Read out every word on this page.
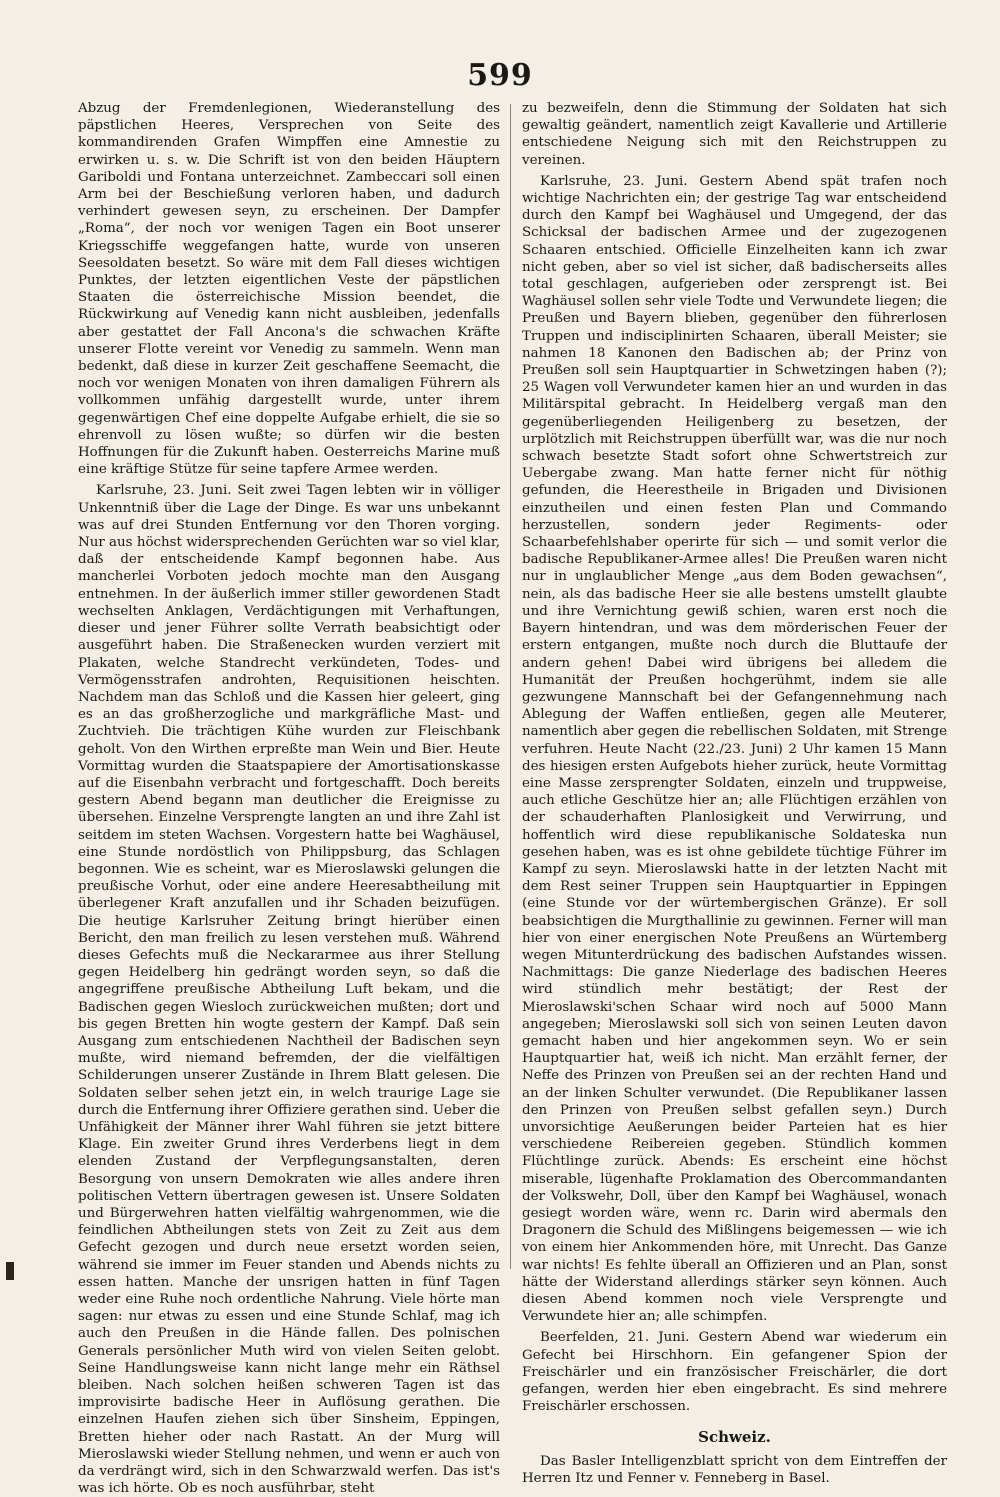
599

Abzug der Fremdenlegionen, Wiederanstellung des päpstlichen Heeres, Versprechen von Seite des kommandirenden Grafen Wimpffen eine Amnestie zu erwirken u. s. w. Die Schrift ist von den beiden Häuptern Gariboldi und Fontana unterzeichnet. Zambeccari soll einen Arm bei der Beschießung verloren haben, und dadurch verhindert gewesen seyn, zu erscheinen. Der Dampfer „Roma“, der noch vor wenigen Tagen ein Boot unserer Kriegsschiffe weggefangen hatte, wurde von unseren Seesoldaten besetzt. So wäre mit dem Fall dieses wichtigen Punktes, der letzten eigentlichen Veste der päpstlichen Staaten die österreichische Mission beendet, die Rückwirkung auf Venedig kann nicht ausbleiben, jedenfalls aber gestattet der Fall Ancona's die schwachen Kräfte unserer Flotte vereint vor Venedig zu sammeln. Wenn man bedenkt, daß diese in kurzer Zeit geschaffene Seemacht, die noch vor wenigen Monaten von ihren damaligen Führern als vollkommen unfähig dargestellt wurde, unter ihrem gegenwärtigen Chef eine doppelte Aufgabe erhielt, die sie so ehrenvoll zu lösen wußte; so dürfen wir die besten Hoffnungen für die Zukunft haben. Oesterreichs Marine muß eine kräftige Stütze für seine tapfere Armee werden.

Karlsruhe, 23. Juni. Seit zwei Tagen lebten wir in völliger Unkenntniß über die Lage der Dinge. Es war uns unbekannt was auf drei Stunden Entfernung vor den Thoren vorging. Nur aus höchst widersprechenden Gerüchten war so viel klar, daß der entscheidende Kampf begonnen habe. Aus mancherlei Vorboten jedoch mochte man den Ausgang entnehmen. In der äußerlich immer stiller gewordenen Stadt wechselten Anklagen, Verdächtigungen mit Verhaftungen, dieser und jener Führer sollte Verrath beabsichtigt oder ausgeführt haben. Die Straßenecken wurden verziert mit Plakaten, welche Standrecht verkündeten, Todes- und Vermögensstrafen androhten, Requisitionen heischten. Nachdem man das Schloß und die Kassen hier geleert, ging es an das großherzogliche und markgräfliche Mast- und Zuchtvieh. Die trächtigen Kühe wurden zur Fleischbank geholt. Von den Wirthen erpreßte man Wein und Bier. Heute Vormittag wurden die Staatspapiere der Amortisationskasse auf die Eisenbahn verbracht und fortgeschafft. Doch bereits gestern Abend begann man deutlicher die Ereignisse zu übersehen. Einzelne Versprengte langten an und ihre Zahl ist seitdem im steten Wachsen. Vorgestern hatte bei Waghäusel, eine Stunde nordöstlich von Philippsburg, das Schlagen begonnen. Wie es scheint, war es Mieroslawski gelungen die preußische Vorhut, oder eine andere Heeresabtheilung mit überlegener Kraft anzufallen und ihr Schaden beizufügen. Die heutige Karlsruher Zeitung bringt hierüber einen Bericht, den man freilich zu lesen verstehen muß. Während dieses Gefechts muß die Neckararmee aus ihrer Stellung gegen Heidelberg hin gedrängt worden seyn, so daß die angegriffene preußische Abtheilung Luft bekam, und die Badischen gegen Wiesloch zurückweichen mußten; dort und bis gegen Bretten hin wogte gestern der Kampf. Daß sein Ausgang zum entschiedenen Nachtheil der Badischen seyn mußte, wird niemand befremden, der die vielfältigen Schilderungen unserer Zustände in Ihrem Blatt gelesen. Die Soldaten selber sehen jetzt ein, in welch traurige Lage sie durch die Entfernung ihrer Offiziere gerathen sind. Ueber die Unfähigkeit der Männer ihrer Wahl führen sie jetzt bittere Klage. Ein zweiter Grund ihres Verderbens liegt in dem elenden Zustand der Verpflegungsanstalten, deren Besorgung von unsern Demokraten wie alles andere ihren politischen Vettern übertragen gewesen ist. Unsere Soldaten und Bürgerwehren hatten vielfältig wahrgenommen, wie die feindlichen Abtheilungen stets von Zeit zu Zeit aus dem Gefecht gezogen und durch neue ersetzt worden seien, während sie immer im Feuer standen und Abends nichts zu essen hatten. Manche der unsrigen hatten in fünf Tagen weder eine Ruhe noch ordentliche Nahrung. Viele hörte man sagen: nur etwas zu essen und eine Stunde Schlaf, mag ich auch den Preußen in die Hände fallen. Des polnischen Generals persönlicher Muth wird von vielen Seiten gelobt. Seine Handlungsweise kann nicht lange mehr ein Räthsel bleiben. Nach solchen heißen schweren Tagen ist das improvisirte badische Heer in Auflösung gerathen. Die einzelnen Haufen ziehen sich über Sinsheim, Eppingen, Bretten hieher oder nach Rastatt. An der Murg will Mieroslawski wieder Stellung nehmen, und wenn er auch von da verdrängt wird, sich in den Schwarzwald werfen. Das ist's was ich hörte. Ob es noch ausführbar, steht

zu bezweifeln, denn die Stimmung der Soldaten hat sich gewaltig geändert, namentlich zeigt Kavallerie und Artillerie entschiedene Neigung sich mit den Reichstruppen zu vereinen.

Karlsruhe, 23. Juni. Gestern Abend spät trafen noch wichtige Nachrichten ein; der gestrige Tag war entscheidend durch den Kampf bei Waghäusel und Umgegend, der das Schicksal der badischen Armee und der zugezogenen Schaaren entschied. Officielle Einzelheiten kann ich zwar nicht geben, aber so viel ist sicher, daß badischerseits alles total geschlagen, aufgerieben oder zersprengt ist. Bei Waghäusel sollen sehr viele Todte und Verwundete liegen; die Preußen und Bayern blieben, gegenüber den führerlosen Truppen und indisciplinirten Schaaren, überall Meister; sie nahmen 18 Kanonen den Badischen ab; der Prinz von Preußen soll sein Hauptquartier in Schwetzingen haben (?); 25 Wagen voll Verwundeter kamen hier an und wurden in das Militärspital gebracht. In Heidelberg vergaß man den gegenüberliegenden Heiligenberg zu besetzen, der urplötzlich mit Reichstruppen überfüllt war, was die nur noch schwach besetzte Stadt sofort ohne Schwertstreich zur Uebergabe zwang. Man hatte ferner nicht für nöthig gefunden, die Heerestheile in Brigaden und Divisionen einzutheilen und einen festen Plan und Commando herzustellen, sondern jeder Regiments- oder Schaarbefehlshaber operirte für sich — und somit verlor die badische Republikaner-Armee alles! Die Preußen waren nicht nur in unglaublicher Menge „aus dem Boden gewachsen“, nein, als das badische Heer sie alle bestens umstellt glaubte und ihre Vernichtung gewiß schien, waren erst noch die Bayern hintendran, und was dem mörderischen Feuer der erstern entgangen, mußte noch durch die Bluttaufe der andern gehen! Dabei wird übrigens bei alledem die Humanität der Preußen hochgerühmt, indem sie alle gezwungene Mannschaft bei der Gefangennehmung nach Ablegung der Waffen entließen, gegen alle Meuterer, namentlich aber gegen die rebellischen Soldaten, mit Strenge verfuhren. Heute Nacht (22./23. Juni) 2 Uhr kamen 15 Mann des hiesigen ersten Aufgebots hieher zurück, heute Vormittag eine Masse zersprengter Soldaten, einzeln und truppweise, auch etliche Geschütze hier an; alle Flüchtigen erzählen von der schauderhaften Planlosigkeit und Verwirrung, und hoffentlich wird diese republikanische Soldateska nun gesehen haben, was es ist ohne gebildete tüchtige Führer im Kampf zu seyn. Mieroslawski hatte in der letzten Nacht mit dem Rest seiner Truppen sein Hauptquartier in Eppingen (eine Stunde vor der würtembergischen Gränze). Er soll beabsichtigen die Murgthallinie zu gewinnen. Ferner will man hier von einer energischen Note Preußens an Würtemberg wegen Mitunterdrückung des badischen Aufstandes wissen. Nachmittags: Die ganze Niederlage des badischen Heeres wird stündlich mehr bestätigt; der Rest der Mieroslawski'schen Schaar wird noch auf 5000 Mann angegeben; Mieroslawski soll sich von seinen Leuten davon gemacht haben und hier angekommen seyn. Wo er sein Hauptquartier hat, weiß ich nicht. Man erzählt ferner, der Neffe des Prinzen von Preußen sei an der rechten Hand und an der linken Schulter verwundet. (Die Republikaner lassen den Prinzen von Preußen selbst gefallen seyn.) Durch unvorsichtige Aeußerungen beider Parteien hat es hier verschiedene Reibereien gegeben. Stündlich kommen Flüchtlinge zurück. Abends: Es erscheint eine höchst miserable, lügenhafte Proklamation des Obercommandanten der Volkswehr, Doll, über den Kampf bei Waghäusel, wonach gesiegt worden wäre, wenn rc. Darin wird abermals den Dragonern die Schuld des Mißlingens beigemessen — wie ich von einem hier Ankommenden höre, mit Unrecht. Das Ganze war nichts! Es fehlte überall an Offizieren und an Plan, sonst hätte der Widerstand allerdings stärker seyn können. Auch diesen Abend kommen noch viele Versprengte und Verwundete hier an; alle schimpfen.

Beerfelden, 21. Juni. Gestern Abend war wiederum ein Gefecht bei Hirschhorn. Ein gefangener Spion der Freischärler und ein französischer Freischärler, die dort gefangen, werden hier eben eingebracht. Es sind mehrere Freischärler erschossen.

Schweiz.

Das Basler Intelligenzblatt spricht von dem Eintreffen der Herren Itz und Fenner v. Fenneberg in Basel.
